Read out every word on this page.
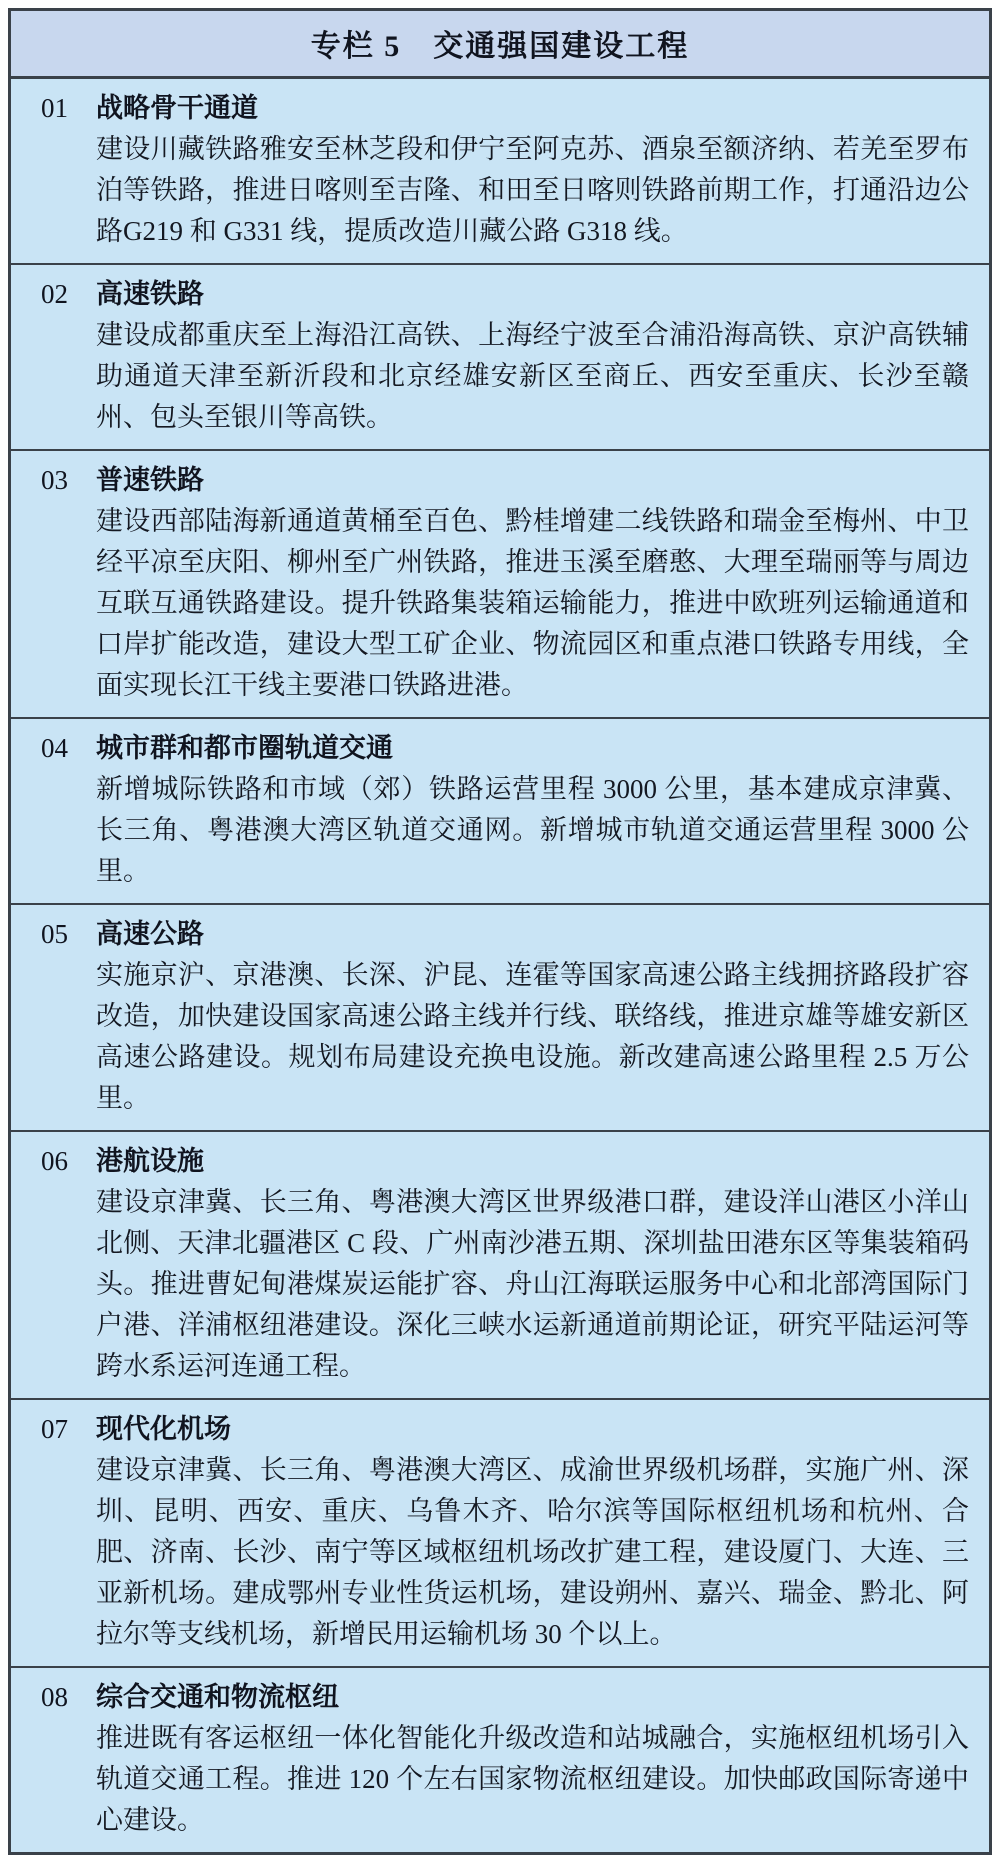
专栏 5　交通强国建设工程
01 战略骨干通道
建设川藏铁路雅安至林芝段和伊宁至阿克苏、酒泉至额济纳、若羌至罗布泊等铁路，推进日喀则至吉隆、和田至日喀则铁路前期工作，打通沿边公路G219 和 G331 线，提质改造川藏公路 G318 线。
02 高速铁路
建设成都重庆至上海沿江高铁、上海经宁波至合浦沿海高铁、京沪高铁辅助通道天津至新沂段和北京经雄安新区至商丘、西安至重庆、长沙至赣州、包头至银川等高铁。
03 普速铁路
建设西部陆海新通道黄桶至百色、黔桂增建二线铁路和瑞金至梅州、中卫经平凉至庆阳、柳州至广州铁路，推进玉溪至磨憨、大理至瑞丽等与周边互联互通铁路建设。提升铁路集装箱运输能力，推进中欧班列运输通道和口岸扩能改造，建设大型工矿企业、物流园区和重点港口铁路专用线，全面实现长江干线主要港口铁路进港。
04 城市群和都市圈轨道交通
新增城际铁路和市域（郊）铁路运营里程 3000 公里，基本建成京津冀、长三角、粤港澳大湾区轨道交通网。新增城市轨道交通运营里程 3000 公里。
05 高速公路
实施京沪、京港澳、长深、沪昆、连霍等国家高速公路主线拥挤路段扩容改造，加快建设国家高速公路主线并行线、联络线，推进京雄等雄安新区高速公路建设。规划布局建设充换电设施。新改建高速公路里程 2.5 万公里。
06 港航设施
建设京津冀、长三角、粤港澳大湾区世界级港口群，建设洋山港区小洋山北侧、天津北疆港区 C 段、广州南沙港五期、深圳盐田港东区等集装箱码头。推进曹妃甸港煤炭运能扩容、舟山江海联运服务中心和北部湾国际门户港、洋浦枢纽港建设。深化三峡水运新通道前期论证，研究平陆运河等跨水系运河连通工程。
07 现代化机场
建设京津冀、长三角、粤港澳大湾区、成渝世界级机场群，实施广州、深圳、昆明、西安、重庆、乌鲁木齐、哈尔滨等国际枢纽机场和杭州、合肥、济南、长沙、南宁等区域枢纽机场改扩建工程，建设厦门、大连、三亚新机场。建成鄂州专业性货运机场，建设朔州、嘉兴、瑞金、黔北、阿拉尔等支线机场，新增民用运输机场 30 个以上。
08 综合交通和物流枢纽
推进既有客运枢纽一体化智能化升级改造和站城融合，实施枢纽机场引入轨道交通工程。推进 120 个左右国家物流枢纽建设。加快邮政国际寄递中心建设。
